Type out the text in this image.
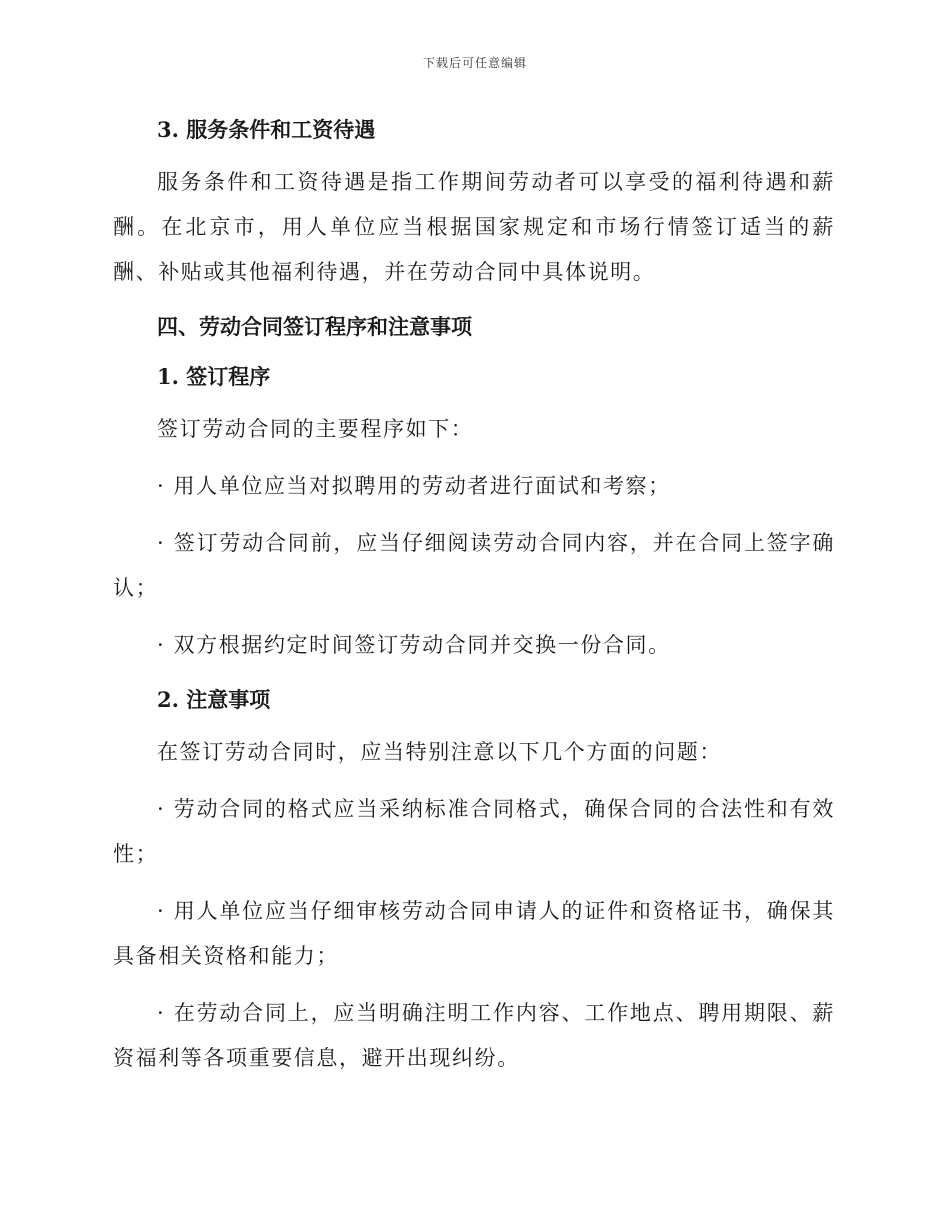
下载后可任意编辑

3. 服务条件和工资待遇

服务条件和工资待遇是指工作期间劳动者可以享受的福利待遇和薪酬。在北京市，用人单位应当根据国家规定和市场行情签订适当的薪酬、补贴或其他福利待遇，并在劳动合同中具体说明。

四、劳动合同签订程序和注意事项

1. 签订程序

签订劳动合同的主要程序如下：

· 用人单位应当对拟聘用的劳动者进行面试和考察；

· 签订劳动合同前，应当仔细阅读劳动合同内容，并在合同上签字确认；

· 双方根据约定时间签订劳动合同并交换一份合同。

2. 注意事项

在签订劳动合同时，应当特别注意以下几个方面的问题：

· 劳动合同的格式应当采纳标准合同格式，确保合同的合法性和有效性；

· 用人单位应当仔细审核劳动合同申请人的证件和资格证书，确保其具备相关资格和能力；

· 在劳动合同上，应当明确注明工作内容、工作地点、聘用期限、薪资福利等各项重要信息，避开出现纠纷。
